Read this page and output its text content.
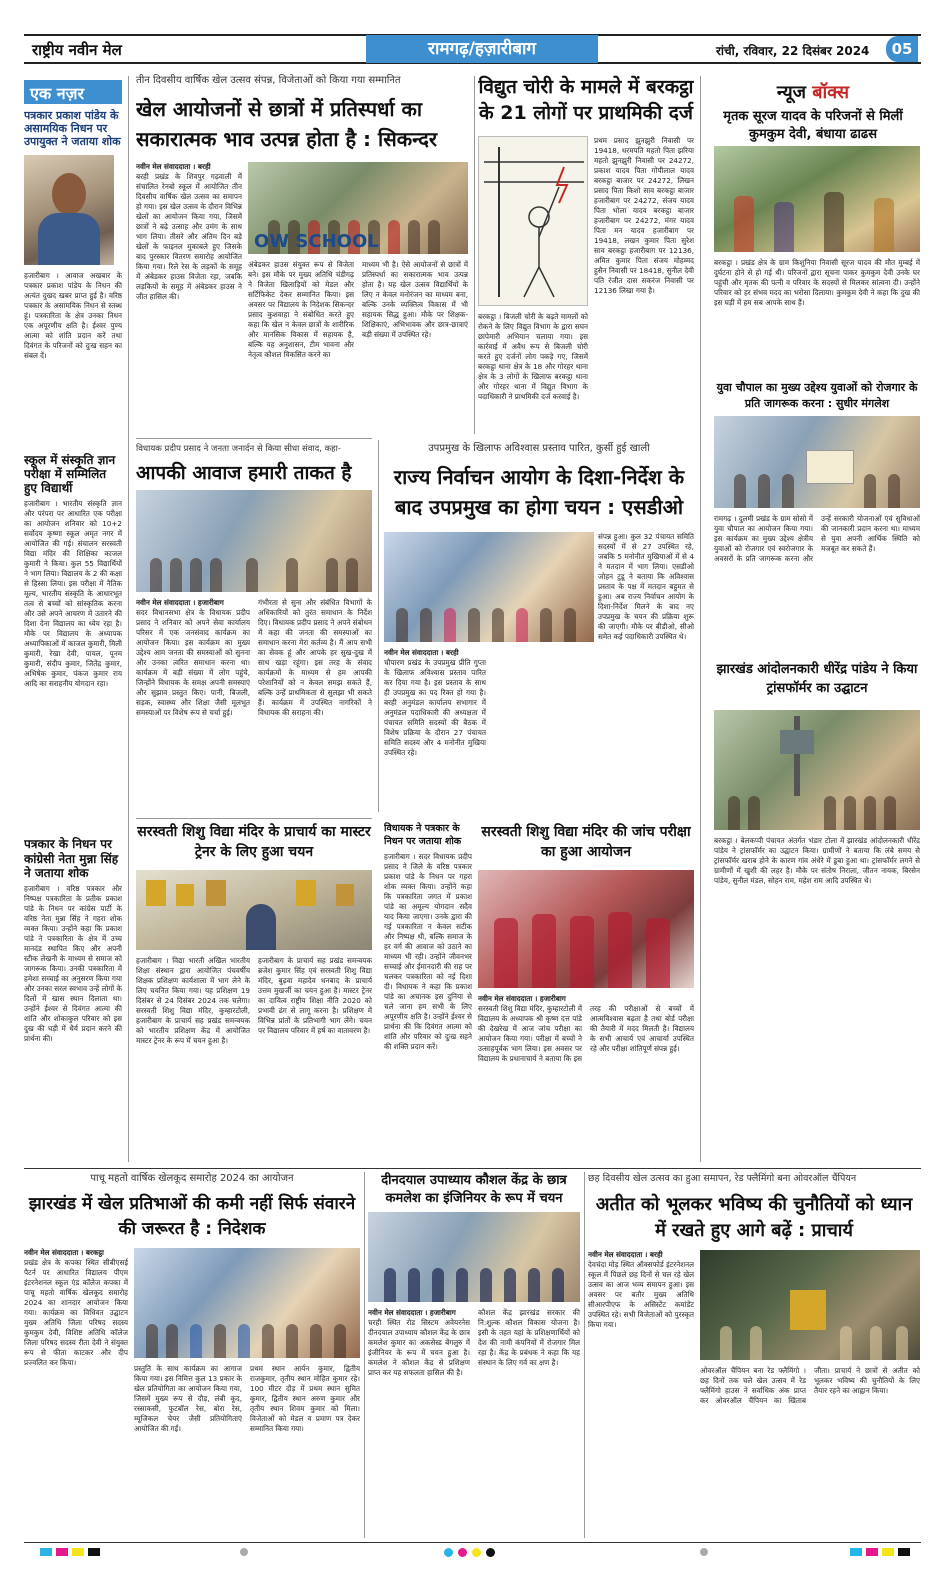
राष्ट्रीय नवीन मेल	रामगढ़/हज़ारीबाग	रांची, रविवार, 22 दिसंबर 2024	05
एक नज़र
पत्रकार प्रकाश पांडेय के असामयिक निधन पर उपायुक्त ने जताया शोक
हजारीबाग । आवाज अखबार के पत्रकार प्रकाश पांडेय के निधन की अत्यंत दुखद खबर प्राप्त हुई है। वरिष्ठ पत्रकार के असामयिक निधन से स्तब्ध हूं। पत्रकारिता के क्षेत्र उनका निधन एक अपूरणीय क्षति है। ईश्वर पुण्य आत्मा को शांति प्रदान करें तथा दिवंगत के परिजनों को दुःख सहन का संबल दें।
स्कूल में संस्कृति ज्ञान परीक्षा में सम्मिलित हुए विद्यार्थी
हजारीबाग । भारतीय संस्कृति ज्ञान और परंपरा पर आधारित एक परीक्षा का आयोजन शनिवार को 10+2 सर्वोदय कृष्णा स्कूल अमृत नगर में आयोजित की गई। संचालन सरस्वती विद्या मंदिर की शिक्षिका काजल कुमारी ने किया। कुल 55 विद्यार्थियों ने भाग लिया। विद्यालय के 2 की कक्षा से हिस्सा लिया। इस परीक्षा में नैतिक मूल्य, भारतीय संस्कृति के आधारभूत तत्व से बच्चों को सांस्कृतिक करना और उसे अपने आचरण में उतारने की दिशा देना विद्यालय का ध्येय रहा है। मौके पर विद्यालय के अध्यापक अध्यापिकाओं में काजल कुमारी, मिली कुमारी, रेखा देवी, पायल, पूनम कुमारी, संदीप कुमार, जितेंद्र कुमार, अभिषेक कुमार, पंकज कुमार राय आदि का सराहनीय योगदान रहा।
पत्रकार के निधन पर कांग्रेसी नेता मुन्ना सिंह ने जताया शोक
हजारीबाग । वरिष्ठ पत्रकार और निष्पक्ष पत्रकारिता के प्रतीक प्रकाश पांडे के निधन पर कांग्रेस पार्टी के वरिष्ठ नेता मुन्ना सिंह ने गहरा शोक व्यक्त किया। उन्होंने कहा कि प्रकाश पांडे ने पत्रकारिता के क्षेत्र में उच्च मानदंड स्थापित किए और अपनी स्टीक लेखनी के माध्यम से समाज को जागरूक किया। उनकी पत्रकारिता में हमेशा सच्चाई का अनुसरण किया गया और उनका सरल स्वभाव उन्हें लोगों के दिलों में खास स्थान दिलाता था। उन्होंने ईश्वर से दिवंगत आत्मा की शांति और शोकाकुल परिवार को इस दुख की घड़ी में धैर्य प्रदान करने की प्रार्थना की।
तीन दिवसीय वार्षिक खेल उत्सव संपन्न, विजेताओं को किया गया सम्मानित
खेल आयोजनों से छात्रों में प्रतिस्पर्धा का सकारात्मक भाव उत्पन्न होता है : सिकन्दर
नवीन मेल संवाददाता । बरही
बरही प्रखंड के शिवपुर गढ़वाली में संचालित रेनबो स्कूल में आयोजित तीन दिवसीय वार्षिक खेल उत्सव का समापन हो गया। इस खेल उत्सव के दौरान विभिन्न खेलों का आयोजन किया गया, जिसमें छात्रों ने बढ़े उत्साह और उमंग के साथ भाग लिया। तीसरे और अंतिम दिन बड़े खेलों के फाइनल मुकाबले हुए जिसके बाद पुरस्कार वितरण समारोह आयोजित किया गया। रिले रेस के लड़कों के समूह में अंबेडकर हाउस विजेता रहा, जबकि लड़कियों के समूह में अंबेडकर हाउस ने जीत हासिल की।
OW SCHOOL
अंबेडकर हाउस संयुक्त रूप से विजेता बने। इस मौके पर मुख्य अतिथि चंडीगढ़ ने विजेता खिलाड़ियों को मेडल और सर्टिफिकेट देकर सम्मानित किया। इस अवसर पर विद्यालय के निदेशक सिकन्दर प्रसाद कुशवाहा ने संबोधित करते हुए कहा कि खेल न केवल छात्रों के शारीरिक और मानसिक विकास में सहायक है, बल्कि यह अनुशासन, टीम भावना और नेतृत्व कौशल विकसित करने का
माध्यम भी है। ऐसे आयोजनों से छात्रों में प्रतिस्पर्धा का सकारात्मक भाव उत्पन्न होता है। यह खेल उत्सव विद्यार्थियों के लिए न केवल मनोरंजन का माध्यम बना, बल्कि उनके व्यक्तित्व विकास में भी सहायक सिद्ध हुआ। मौके पर शिक्षक-शिक्षिकाएं, अभिभावक और छात्र-छात्राएं बड़ी संख्या में उपस्थित रहे।
विद्युत चोरी के मामले में बरकट्ठा के 21 लोगों पर प्राथमिकी दर्ज
बरकट्ठा । बिजली चोरी के बढ़ते मामलों को रोकने के लिए विद्युत विभाग के द्वारा सघन छापेमारी अभियान चलाया गया। इस कार्रवाई में अवैध रूप से बिजली चोरी करते हुए दर्जनों लोग पकड़े गए, जिसमें बरकट्ठा थाना क्षेत्र के 18 और गोरहर थाना क्षेत्र के 3 लोगों के खिलाफ बरकट्ठा थाना और गोरहर थाना में विद्युत विभाग के पदाधिकारी ने प्राथमिकी दर्ज करवाई है।
प्रथम प्रसाद झुनझुरी निवासी पर 19418, धरमपति महतो पिता झरिया महतो झुनझुरी निवासी पर 24272, प्रकाश यादव पिता गोपीलाल यादव बरकट्ठा बाजार पर 24272, लिखन प्रसाद पिता किशो साव बरकट्ठा बाजार हजारीबाग पर 24272, संजय यादव पिता भोला यादव बरकट्ठा बाजार हजारीबाग पर 24272, मंगर यादव पिता मन यादव हजारीबाग पर 19418, लखन कुमार पिता सुरेश साव बरकट्ठा हजारीबाग पर 12136, अमित कुमार पिता संजय मोहम्मद हुसैन निवासी पर 18418, सुनील देवी पति रंजीत दास सकरंज निवासी पर 12136 लिखा गया है।
विधायक प्रदीप प्रसाद ने जनता जनार्दन से किया सीधा संवाद, कहा-
आपकी आवाज हमारी ताकत है
नवीन मेल संवाददाता । हजारीबाग
सदर विधानसभा क्षेत्र के विधायक प्रदीप प्रसाद ने शनिवार को अपने सेवा कार्यालय परिसर में एक जनसंवाद कार्यक्रम का आयोजन किया। इस कार्यक्रम का मुख्य उद्देश्य आम जनता की समस्याओं को सुनना और उनका त्वरित समाधान करना था। कार्यक्रम में बड़ी संख्या में लोग पहुंचे, जिन्होंने विधायक के समक्ष अपनी समस्याएं और सुझाव प्रस्तुत किए। पानी, बिजली, सड़क, स्वास्थ्य और शिक्षा जैसी मूलभूत समस्याओं पर विशेष रूप से चर्चा हुई।
गंभीरता से सुना और संबंधित विभागों के अधिकारियों को तुरंत समाधान के निर्देश दिए। विधायक प्रदीप प्रसाद ने अपने संबोधन में कहा की जनता की समस्याओं का समाधान करना मेरा कर्तव्य है। मैं आप सभी का सेवक हूं और आपके हर सुख-दुख में साथ खड़ा रहूंगा। इस तरह के संवाद कार्यक्रमों के माध्यम से हम आपकी परेशानियों को न केवल समझ सकते हैं, बल्कि उन्हें प्राथमिकता से सुलझा भी सकते हैं। कार्यक्रम में उपस्थित नागरिकों ने विधायक की सराहना की।
उपप्रमुख के खिलाफ अविश्वास प्रस्ताव पारित, कुर्सी हुई खाली
राज्य निर्वाचन आयोग के दिशा-निर्देश के बाद उपप्रमुख का होगा चयन : एसडीओ
नवीन मेल संवाददाता । बरही
चौपारण प्रखंड के उपप्रमुख प्रीति गुप्ता के खिलाफ अविश्वास प्रस्ताव पारित कर दिया गया है। इस प्रस्ताव के साथ ही उपप्रमुख का पद रिक्त हो गया है। बरही अनुमंडल कार्यालय सभागार में अनुमंडल पदाधिकारी की अध्यक्षता में पंचायत समिति सदस्यों की बैठक में विशेष प्रक्रिया के दौरान 27 पंचायत समिति सदस्य और 4 मनोनीत मुखिया उपस्थित रहे।
संपन्न हुआ। कुल 32 पंचायत समिति सदस्यों में से 27 उपस्थित रहे, जबकि 5 मनोनीत मुखियाओं में से 4 ने मतदान में भाग लिया। एसडीओ जोहन टुडू ने बताया कि अविश्वास प्रस्ताव के पक्ष में मतदान बहुमत से हुआ। अब राज्य निर्वाचन आयोग के दिशा-निर्देश मिलने के बाद नए उपप्रमुख के चयन की प्रक्रिया शुरू की जाएगी। मौके पर बीडीओ, सीओ समेत कई पदाधिकारी उपस्थित थे।
सरस्वती शिशु विद्या मंदिर के प्राचार्य का मास्टर ट्रेनर के लिए हुआ चयन
हजारीबाग । विद्या भारती अखिल भारतीय शिक्षा संस्थान द्वारा आयोजित पंचवर्षीय शिक्षक प्रशिक्षण कार्यशाला में भाग लेने के लिए चयनित किया गया। यह प्रशिक्षण 19 दिसंबर से 24 दिसंबर 2024 तक चलेगा। सरस्वती शिशु विद्या मंदिर, कुम्हारटोली, हजारीबाग के प्राचार्य सह प्रखंड समन्वयक को भारतीय प्रशिक्षण केंद्र में आयोजित मास्टर ट्रेनर के रूप में चयन हुआ है।
हजारीबाग के प्राचार्य सह प्रखंड समन्वयक ब्रजेश कुमार सिंह एवं सरस्वती शिशु विद्या मंदिर, बुढ़वा महादेव धनबाद के प्राचार्य उत्तम मुखर्जी का चयन हुआ है। मास्टर ट्रेनर का दायित्व राष्ट्रीय शिक्षा नीति 2020 को प्रभावी ढंग से लागू करना है। प्रशिक्षण में विभिन्न प्रांतों के प्रतिभागी भाग लेंगे। चयन पर विद्यालय परिवार में हर्ष का वातावरण है।
विधायक ने पत्रकार के निधन पर जताया शोक
हजारीबाग । सदर विधायक प्रदीप प्रसाद ने जिले के वरिष्ठ पत्रकार प्रकाश पांडे के निधन पर गहरा शोक व्यक्त किया। उन्होंने कहा कि पत्रकारिता जगत में प्रकाश पांडे का अमूल्य योगदान सदैव याद किया जाएगा। उनके द्वारा की गई पत्रकारिता न केवल सटीक और निष्पक्ष थी, बल्कि समाज के हर वर्ग की आवाज को उठाने का माध्यम भी रही। उन्होंने जीवनभर सच्चाई और ईमानदारी की राह पर चलकर पत्रकारिता को नई दिशा दी। विधायक ने कहा कि प्रकाश पांडे का अचानक इस दुनिया से चले जाना हम सभी के लिए अपूरणीय क्षति है। उन्होंने ईश्वर से प्रार्थना की कि दिवंगत आत्मा को शांति और परिवार को दुःख सहने की शक्ति प्रदान करें।
सरस्वती शिशु विद्या मंदिर की जांच परीक्षा का हुआ आयोजन
नवीन मेल संवाददाता । हजारीबाग
सरस्वती शिशु विद्या मंदिर, कुम्हारटोली में विद्यालय के अध्यापक श्री कृष्ण दत्त पांडे की देखरेख में आज जांच परीक्षा का आयोजन किया गया। परीक्षा में बच्चों ने उत्साहपूर्वक भाग लिया। इस अवसर पर विद्यालय के प्रधानाचार्य ने बताया कि इस तरह की परीक्षाओं से बच्चों में आत्मविश्वास बढ़ता है तथा बोर्ड परीक्षा की तैयारी में मदद मिलती है। विद्यालय के सभी आचार्य एवं आचार्या उपस्थित रहे और परीक्षा शांतिपूर्ण संपन्न हुई।
न्यूज बॉक्स
मृतक सूरज यादव के परिजनों से मिलीं कुमकुम देवी, बंधाया ढाढस
बरकट्ठा । प्रखंड क्षेत्र के ग्राम किशुनिया निवासी सूरज यादव की मौत मुम्बई में दुर्घटना होने से हो गई थी। परिजनों द्वारा सूचना पाकर कुमकुम देवी उनके घर पहुंची और मृतक की पत्नी व परिवार के सदस्यों से मिलकर सांत्वना दी। उन्होंने परिवार को हर संभव मदद का भरोसा दिलाया। कुमकुम देवी ने कहा कि दुख की इस घड़ी में हम सब आपके साथ हैं।
युवा चौपाल का मुख्य उद्देश्य युवाओं को रोजगार के प्रति जागरूक करना : सुधीर मंगलेश
रामगढ़ । दुलमी प्रखंड के ग्राम सोसो में युवा चौपाल का आयोजन किया गया। इस कार्यक्रम का मुख्य उद्देश्य क्षेत्रीय युवाओं को रोजगार एवं स्वरोजगार के अवसरों के प्रति जागरूक करना और उन्हें सरकारी योजनाओं एवं सुविधाओं की जानकारी प्रदान करना था। माध्यम से युवा अपनी आर्थिक स्थिति को मजबूत कर सकते हैं।
झारखंड आंदोलनकारी धीरेंद्र पांडेय ने किया ट्रांसफॉर्मर का उद्घाटन
बरकट्ठा । बेलकप्पी पंचायत अंतर्गत भंडार टोला में झारखंड आंदोलनकारी धीरेंद्र पांडेय ने ट्रांसफॉर्मर का उद्घाटन किया। ग्रामीणों ने बताया कि लंबे समय से ट्रांसफॉर्मर खराब होने के कारण गांव अंधेरे में डूबा हुआ था। ट्रांसफॉर्मर लगने से ग्रामीणों में खुशी की लहर है। मौके पर संतोष निराला, जीतन नायक, बिरसेन पांडेय, सुनील मंडल, सोहन राम, महेश राम आदि उपस्थित थे।
पाचू महतो वार्षिक खेलकूद समारोह 2024 का आयोजन
झारखंड में खेल प्रतिभाओं की कमी नहीं सिर्फ संवारने की जरूरत है : निदेशक
नवीन मेल संवाददाता । बरकट्ठा
प्रखंड क्षेत्र के कपका स्थित सीबीएसई पैटर्न पर आधारित विद्यालय पीएम इंटरनेशनल स्कूल एंड कॉलेज कपका में पाचू महतो वार्षिक खेलकूद समारोह 2024 का शानदार आयोजन किया गया। कार्यक्रम का विधिवत उद्घाटन मुख्य अतिथि जिला परिषद सदस्य कुमकुम देवी, विशिष्ट अतिथि कॉलेज जिला परिषद सदस्य रीता देवी ने संयुक्त रूप से फीता काटकर और दीप प्रज्वलित कर किया।
प्रस्तुति के साथ कार्यक्रम का आगाज किया गया। इस निमित्त कुल 13 प्रकार के खेल प्रतियोगिता का आयोजन किया गया, जिसमें मुख्य रूप से दौड़, लंबी कूद, रस्साकसी, फुटबॉल रेस, बोरा रेस, म्यूजिकल चेयर जैसी प्रतियोगिताएं आयोजित की गईं।
प्रथम स्थान आर्यन कुमार, द्वितीय राजकुमार, तृतीय स्थान मोहित कुमार रहे। 100 मीटर दौड़ में प्रथम स्थान सुमित कुमार, द्वितीय स्थान अरुण कुमार और तृतीय स्थान शिवम कुमार को मिला। विजेताओं को मेडल व प्रमाण पत्र देकर सम्मानित किया गया।
दीनदयाल उपाध्याय कौशल केंद्र के छात्र कमलेश का इंजिनियर के रूप में चयन
नवीन मेल संवाददाता । हजारीबाग
चरही स्थित रोड सिस्टम अवेयरनेस दीनदयाल उपाध्याय कौशल केंद्र के छात्र कमलेश कुमार का अकसेस्ड बेंगलुरु में इंजीनियर के रूप में चयन हुआ है। कमलेश ने कौशल केंद्र से प्रशिक्षण प्राप्त कर यह सफलता हासिल की है।
कौशल केंद्र झारखंड सरकार की नि:शुल्क कौशल विकास योजना है। इसी के तहत यहां के प्रशिक्षणार्थियों को देश की नामी कंपनियों में रोजगार मिल रहा है। केंद्र के प्रबंधक ने कहा कि यह संस्थान के लिए गर्व का क्षण है।
छह दिवसीय खेल उत्सव का हुआ समापन, रेड फ्लैमिंगो बना ओवरऑल चैंपियन
अतीत को भूलकर भविष्य की चुनौतियों को ध्यान में रखते हुए आगे बढ़ें : प्राचार्य
नवीन मेल संवाददाता । बरही
देवचंदा मोड़ स्थित ऑक्सफोर्ड इंटरनेशनल स्कूल में पिछले छह दिनों से चल रहे खेल उत्सव का आज भव्य समापन हुआ। इस अवसर पर बतौर मुख्य अतिथि सीआरपीएफ के असिस्टेंट कमांडेंट उपस्थित रहे। सभी विजेताओं को पुरस्कृत किया गया।
ओवरऑल चैंपियन बना रेड फ्लैमिंगो । छह दिनों तक चले खेल उत्सव में रेड फ्लैमिंगो हाउस ने सर्वाधिक अंक प्राप्त कर ओवरऑल चैंपियन का खिताब जीता। प्राचार्य ने छात्रों से अतीत को भूलकर भविष्य की चुनौतियों के लिए तैयार रहने का आह्वान किया।
